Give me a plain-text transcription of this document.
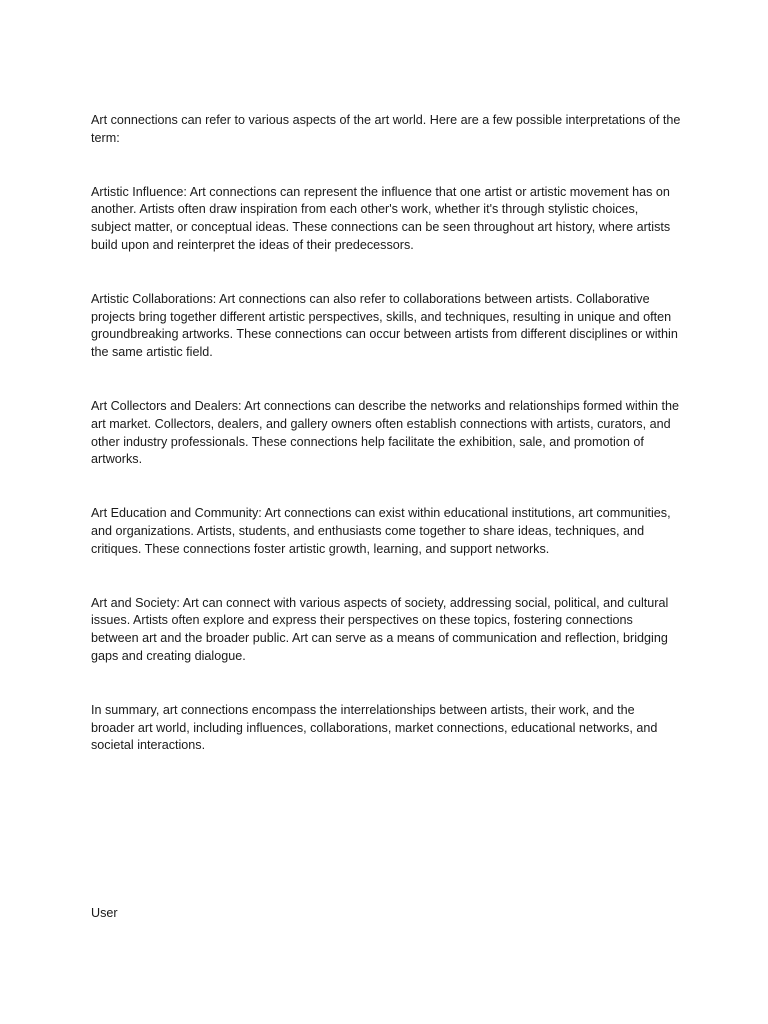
Art connections can refer to various aspects of the art world. Here are a few possible interpretations of the term:

Artistic Influence: Art connections can represent the influence that one artist or artistic movement has on another. Artists often draw inspiration from each other's work, whether it's through stylistic choices, subject matter, or conceptual ideas. These connections can be seen throughout art history, where artists build upon and reinterpret the ideas of their predecessors.

Artistic Collaborations: Art connections can also refer to collaborations between artists. Collaborative projects bring together different artistic perspectives, skills, and techniques, resulting in unique and often groundbreaking artworks. These connections can occur between artists from different disciplines or within the same artistic field.

Art Collectors and Dealers: Art connections can describe the networks and relationships formed within the art market. Collectors, dealers, and gallery owners often establish connections with artists, curators, and other industry professionals. These connections help facilitate the exhibition, sale, and promotion of artworks.

Art Education and Community: Art connections can exist within educational institutions, art communities, and organizations. Artists, students, and enthusiasts come together to share ideas, techniques, and critiques. These connections foster artistic growth, learning, and support networks.

Art and Society: Art can connect with various aspects of society, addressing social, political, and cultural issues. Artists often explore and express their perspectives on these topics, fostering connections between art and the broader public. Art can serve as a means of communication and reflection, bridging gaps and creating dialogue.

In summary, art connections encompass the interrelationships between artists, their work, and the broader art world, including influences, collaborations, market connections, educational networks, and societal interactions.

User
